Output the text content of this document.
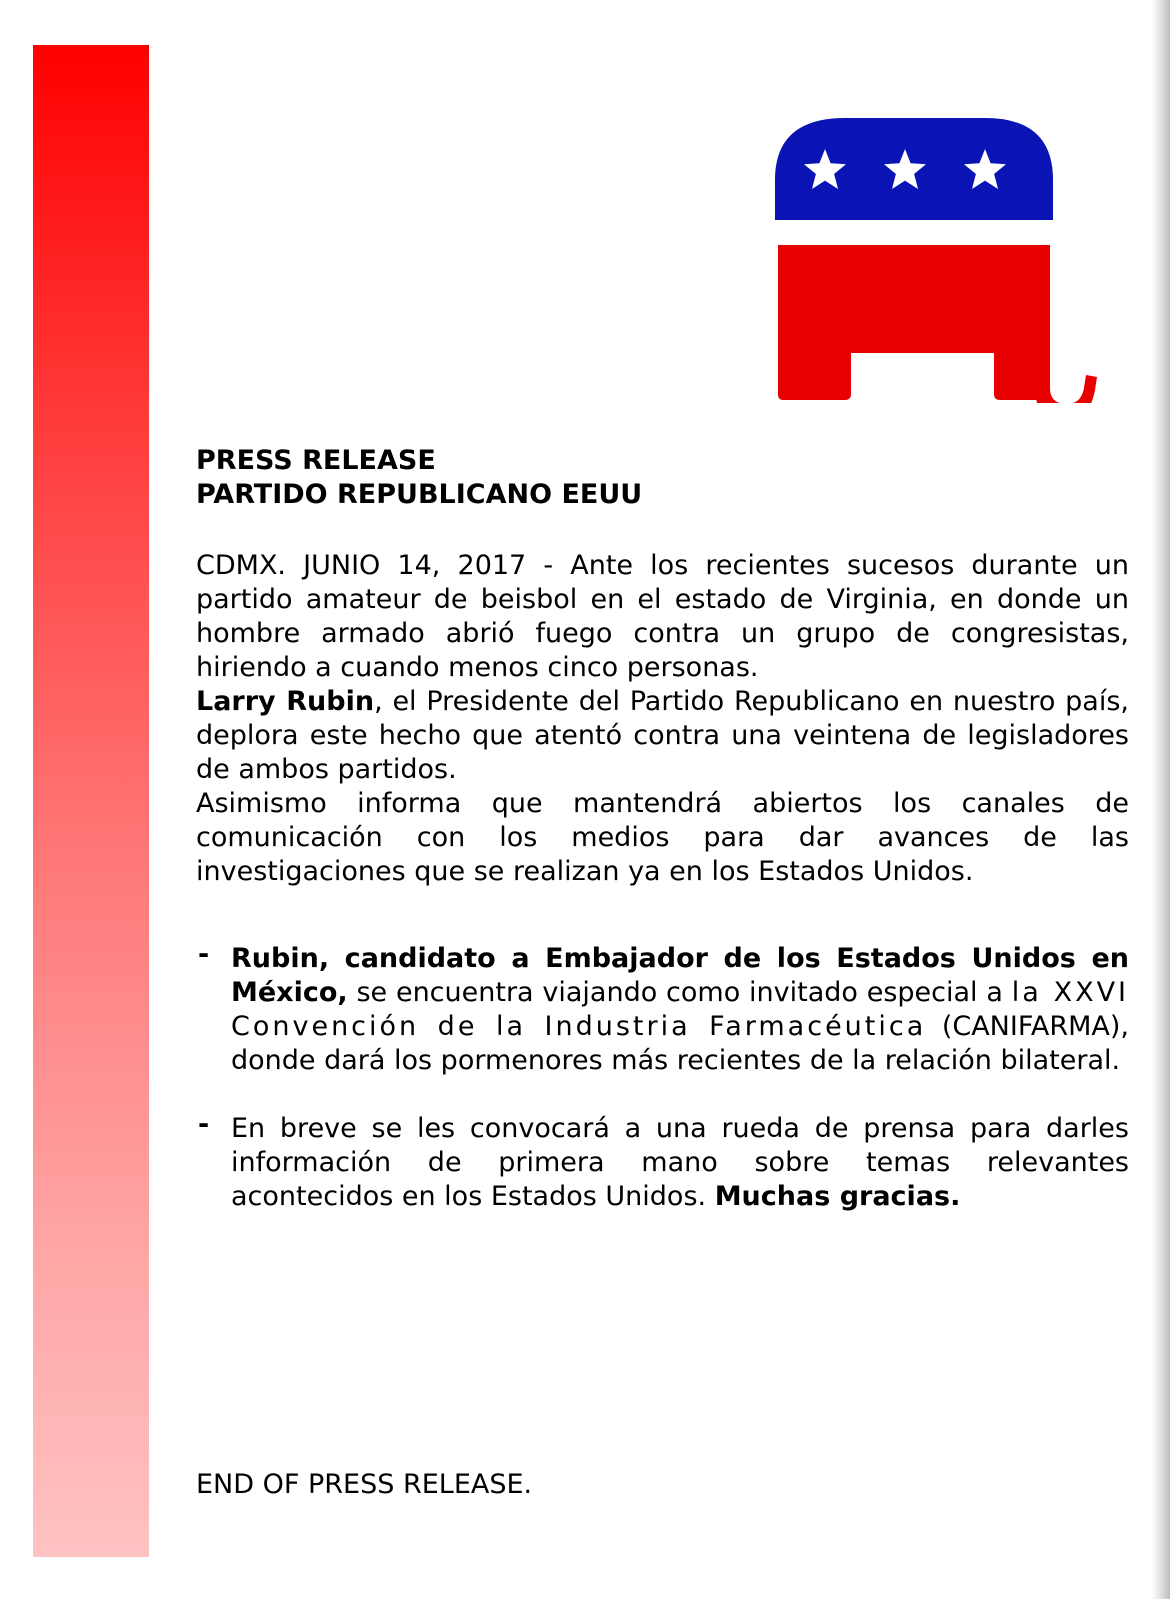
PRESS RELEASE
PARTIDO REPUBLICANO EEUU

CDMX. JUNIO 14, 2017 - Ante los recientes sucesos durante un partido amateur de beisbol en el estado de Virginia, en donde un hombre armado abrió fuego contra un grupo de congresistas, hiriendo a cuando menos cinco personas.

Larry Rubin, el Presidente del Partido Republicano en nuestro país, deplora este hecho que atentó contra una veintena de legisladores de ambos partidos.

Asimismo informa que mantendrá abiertos los canales de comunicación con los medios para dar avances de las investigaciones que se realizan ya en los Estados Unidos.

- Rubin, candidato a Embajador de los Estados Unidos en México, se encuentra viajando como invitado especial a la XXVI Convención de la Industria Farmacéutica (CANIFARMA), donde dará los pormenores más recientes de la relación bilateral.
- En breve se les convocará a una rueda de prensa para darles información de primera mano sobre temas relevantes acontecidos en los Estados Unidos. Muchas gracias.
END OF PRESS RELEASE.
